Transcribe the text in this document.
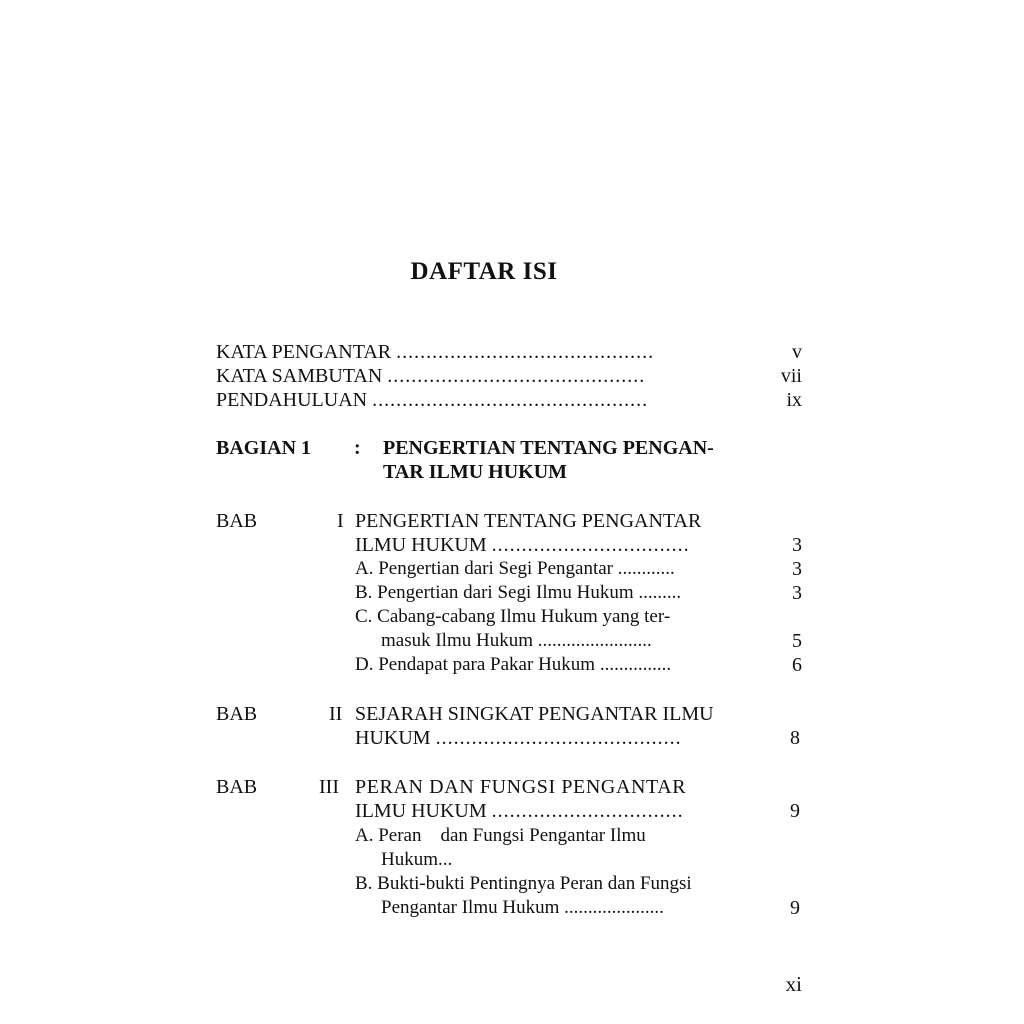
DAFTAR ISI
KATA PENGANTAR ...........................................	v
KATA SAMBUTAN ...........................................	vii
PENDAHULUAN ..............................................	ix
BAGIAN 1 : PENGERTIAN TENTANG PENGAN-
TAR ILMU HUKUM
BAB	I PENGERTIAN TENTANG PENGANTAR
ILMU HUKUM .................................	3
A. Pengertian dari Segi Pengantar ............	3
B. Pengertian dari Segi Ilmu Hukum .........	3
C. Cabang-cabang Ilmu Hukum yang ter-
masuk Ilmu Hukum ........................	5
D. Pendapat para Pakar Hukum ...............	6
BAB	II SEJARAH SINGKAT PENGANTAR ILMU
HUKUM .........................................	8
BAB	III PERAN DAN FUNGSI PENGANTAR
ILMU HUKUM ................................	9
A. Peran    dan Fungsi Pengantar Ilmu
Hukum...
B. Bukti-bukti Pentingnya Peran dan Fungsi
Pengantar Ilmu Hukum .....................	9
xi
